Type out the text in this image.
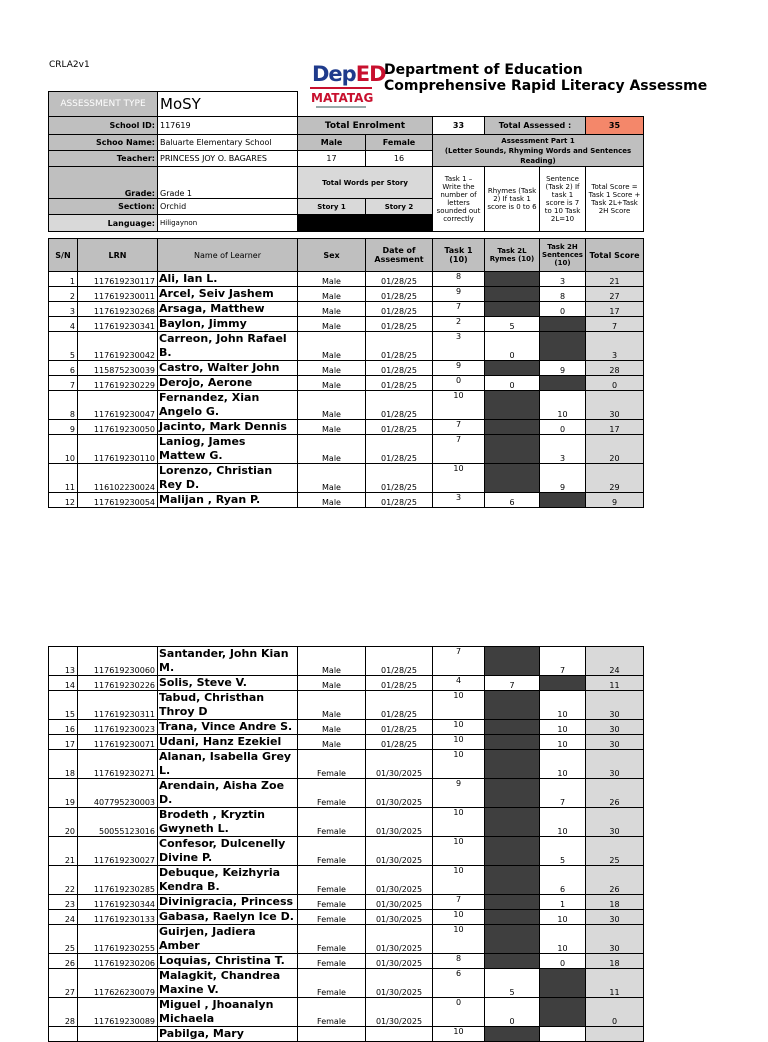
CRLA2v1	DepED
MATATAG
Department of Education
Comprehensive Rapid Literacy Assessme
ASSESSMENT TYPE	MoSY						
School ID:	117619	Total Enrolment		33	Total Assessed :		35
Schoo Name:	Baluarte Elementary School	Male	Female	Assessment Part 1
(Letter Sounds, Rhyming Words and Sentences Reading)			

Teacher:	PRINCESS JOY O. BAGARES	17	16				
Grade:	Grade 1	Total Words per Story		Task 1 – Write the number of letters sounded out correctly	Rhymes (Task 2) If task 1 score is 0 to 6	Sentence (Task 2) If task 1 score is 7 to 10 Task 2L=10	Total Score = Task 1 Score + Task 2L+Task 2H Score
Section:	Orchid	Story 1	Story 2				
Language:	Hiligaynon						
S/N	LRN	Name of Learner	Sex	Date of Assesment	Task 1 (10)	Task 2L Rymes (10)	Task 2H Sentences (10)	Total Score
1	117619230117	Ali, Ian L.	Male	01/28/25	8		3	21
2	117619230011	Arcel, Seiv Jashem	Male	01/28/25	9		8	27
3	117619230268	Arsaga, Matthew	Male	01/28/25	7		0	17
4	117619230341	Baylon, Jimmy	Male	01/28/25	2	5		7
5	117619230042	Carreon, John Rafael B.	Male	01/28/25	3	0		3
6	115875230039	Castro, Walter John	Male	01/28/25	9		9	28
7	117619230229	Derojo, Aerone	Male	01/28/25	0	0		0
8	117619230047	Fernandez, Xian Angelo G.	Male	01/28/25	10		10	30
9	117619230050	Jacinto, Mark Dennis	Male	01/28/25	7		0	17
10	117619230110	Laniog, James Mattew G.	Male	01/28/25	7		3	20
11	116102230024	Lorenzo, Christian Rey D.	Male	01/28/25	10		9	29
12	117619230054	Malijan , Ryan P.	Male	01/28/25	3	6		9
13	117619230060	Santander, John Kian M.	Male	01/28/25	7		7	24
14	117619230226	Solis, Steve V.	Male	01/28/25	4	7		11
15	117619230311	Tabud, Christhan Throy D	Male	01/28/25	10		10	30
16	117619230023	Trana, Vince Andre S.	Male	01/28/25	10		10	30
17	117619230071	Udani, Hanz Ezekiel	Male	01/28/25	10		10	30
18	117619230271	Alanan, Isabella Grey L.	Female	01/30/2025	10		10	30
19	407795230003	Arendain, Aisha Zoe D.	Female	01/30/2025	9		7	26
20	50055123016	Brodeth , Kryztin Gwyneth L.	Female	01/30/2025	10		10	30
21	117619230027	Confesor, Dulcenelly Divine P.	Female	01/30/2025	10		5	25
22	117619230285	Debuque, Keizhyria Kendra B.	Female	01/30/2025	10		6	26
23	117619230344	Divinigracia, Princess	Female	01/30/2025	7		1	18
24	117619230133	Gabasa, Raelyn Ice D.	Female	01/30/2025	10		10	30
25	117619230255	Guirjen, Jadiera Amber	Female	01/30/2025	10		10	30
26	117619230206	Loquias, Christina T.	Female	01/30/2025	8		0	18
27	117626230079	Malagkit, Chandrea Maxine V.	Female	01/30/2025	6	5		11
28	117619230089	Miguel , Jhoanalyn Michaela	Female	01/30/2025	0	0		0
		Pabilga, Mary			10			
